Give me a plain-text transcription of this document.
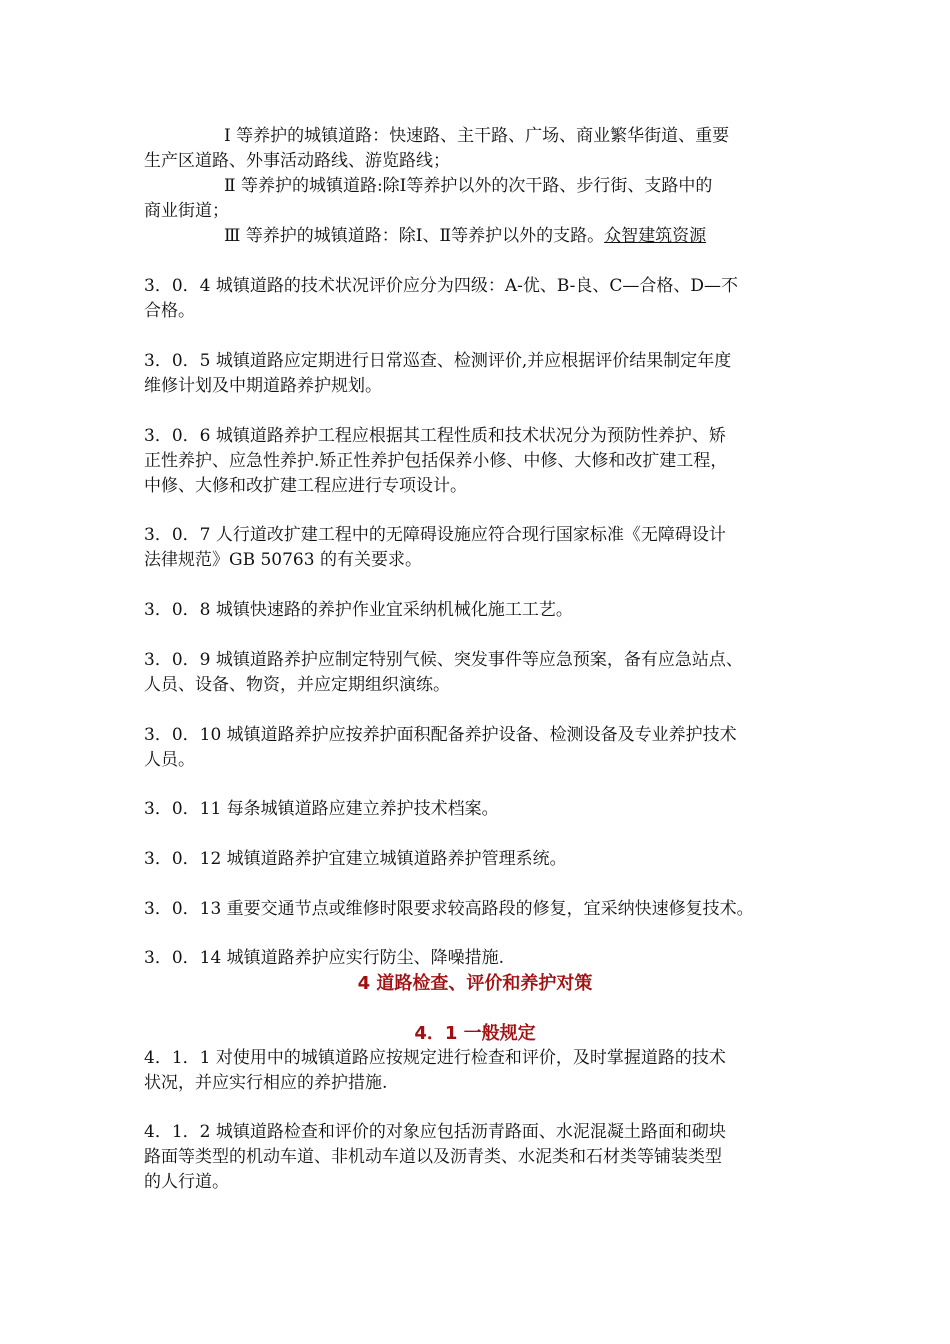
Ⅰ 等养护的城镇道路：快速路、主干路、广场、商业繁华街道、重要
生产区道路、外事活动路线、游览路线；

Ⅱ 等养护的城镇道路:除Ⅰ等养护以外的次干路、步行街、支路中的
商业街道；

Ⅲ 等养护的城镇道路：除Ⅰ、Ⅱ等养护以外的支路。众智建筑资源

3．0．4 城镇道路的技术状况评价应分为四级：A-优、B-良、C—合格、D—不
合格。

3．0．5 城镇道路应定期进行日常巡查、检测评价,并应根据评价结果制定年度
维修计划及中期道路养护规划。

3．0．6 城镇道路养护工程应根据其工程性质和技术状况分为预防性养护、矫
正性养护、应急性养护.矫正性养护包括保养小修、中修、大修和改扩建工程，
中修、大修和改扩建工程应进行专项设计。

3．0．7 人行道改扩建工程中的无障碍设施应符合现行国家标准《无障碍设计
法律规范》GB 50763 的有关要求。

3．0．8 城镇快速路的养护作业宜采纳机械化施工工艺。

3．0．9 城镇道路养护应制定特别气候、突发事件等应急预案，备有应急站点、
人员、设备、物资，并应定期组织演练。

3．0．10 城镇道路养护应按养护面积配备养护设备、检测设备及专业养护技术
人员。

3．0．11 每条城镇道路应建立养护技术档案。

3．0．12 城镇道路养护宜建立城镇道路养护管理系统。

3．0．13 重要交通节点或维修时限要求较高路段的修复，宜采纳快速修复技术。

3．0．14 城镇道路养护应实行防尘、降噪措施.

4 道路检查、评价和养护对策
4．1 一般规定

4．1．1 对使用中的城镇道路应按规定进行检查和评价，及时掌握道路的技术
状况，并应实行相应的养护措施.

4．1．2 城镇道路检查和评价的对象应包括沥青路面、水泥混凝土路面和砌块
路面等类型的机动车道、非机动车道以及沥青类、水泥类和石材类等铺装类型
的人行道。
